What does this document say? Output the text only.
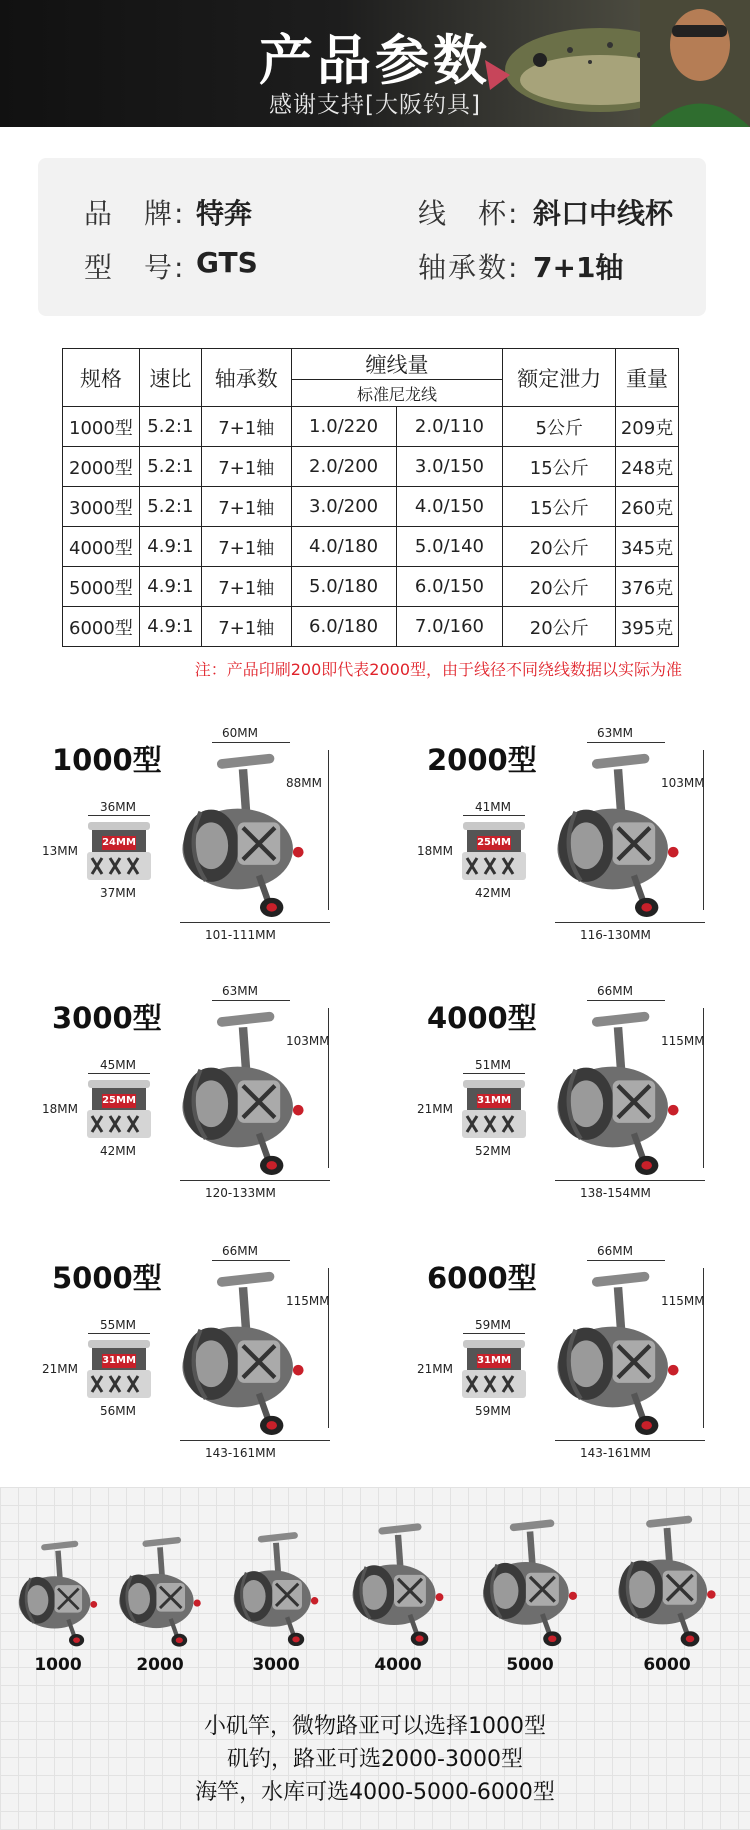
产品参数
感谢支持[大阪钓具]
品　牌: 特奔
型　号: GTS
线　杯: 斜口中线杯
轴承数: 7+1轴
规格	速比	轴承数	缠线量		额定泄力	重量
			标准尼龙线			
1000型	5.2:1	7+1轴	1.0/220	2.0/110	5公斤	209克
2000型	5.2:1	7+1轴	2.0/200	3.0/150	15公斤	248克
3000型	5.2:1	7+1轴	3.0/200	4.0/150	15公斤	260克
4000型	4.9:1	7+1轴	4.0/180	5.0/140	20公斤	345克
5000型	4.9:1	7+1轴	5.0/180	6.0/150	20公斤	376克
6000型	4.9:1	7+1轴	6.0/180	7.0/160	20公斤	395克
注：产品印刷200即代表2000型，由于线径不同绕线数据以实际为准
1000型
36MM
13MM
24MM
37MM
60MM
88MM
101-111MM
2000型
41MM
18MM
25MM
42MM
63MM
103MM
116-130MM
3000型
45MM
18MM
25MM
42MM
63MM
103MM
120-133MM
4000型
51MM
21MM
31MM
52MM
66MM
115MM
138-154MM
5000型
55MM
21MM
31MM
56MM
66MM
115MM
143-161MM
6000型
59MM
21MM
31MM
59MM
66MM
115MM
143-161MM
1000	2000	3000	4000	5000	6000
小矶竿，微物路亚可以选择1000型
矶钓，路亚可选2000-3000型
海竿，水库可选4000-5000-6000型
